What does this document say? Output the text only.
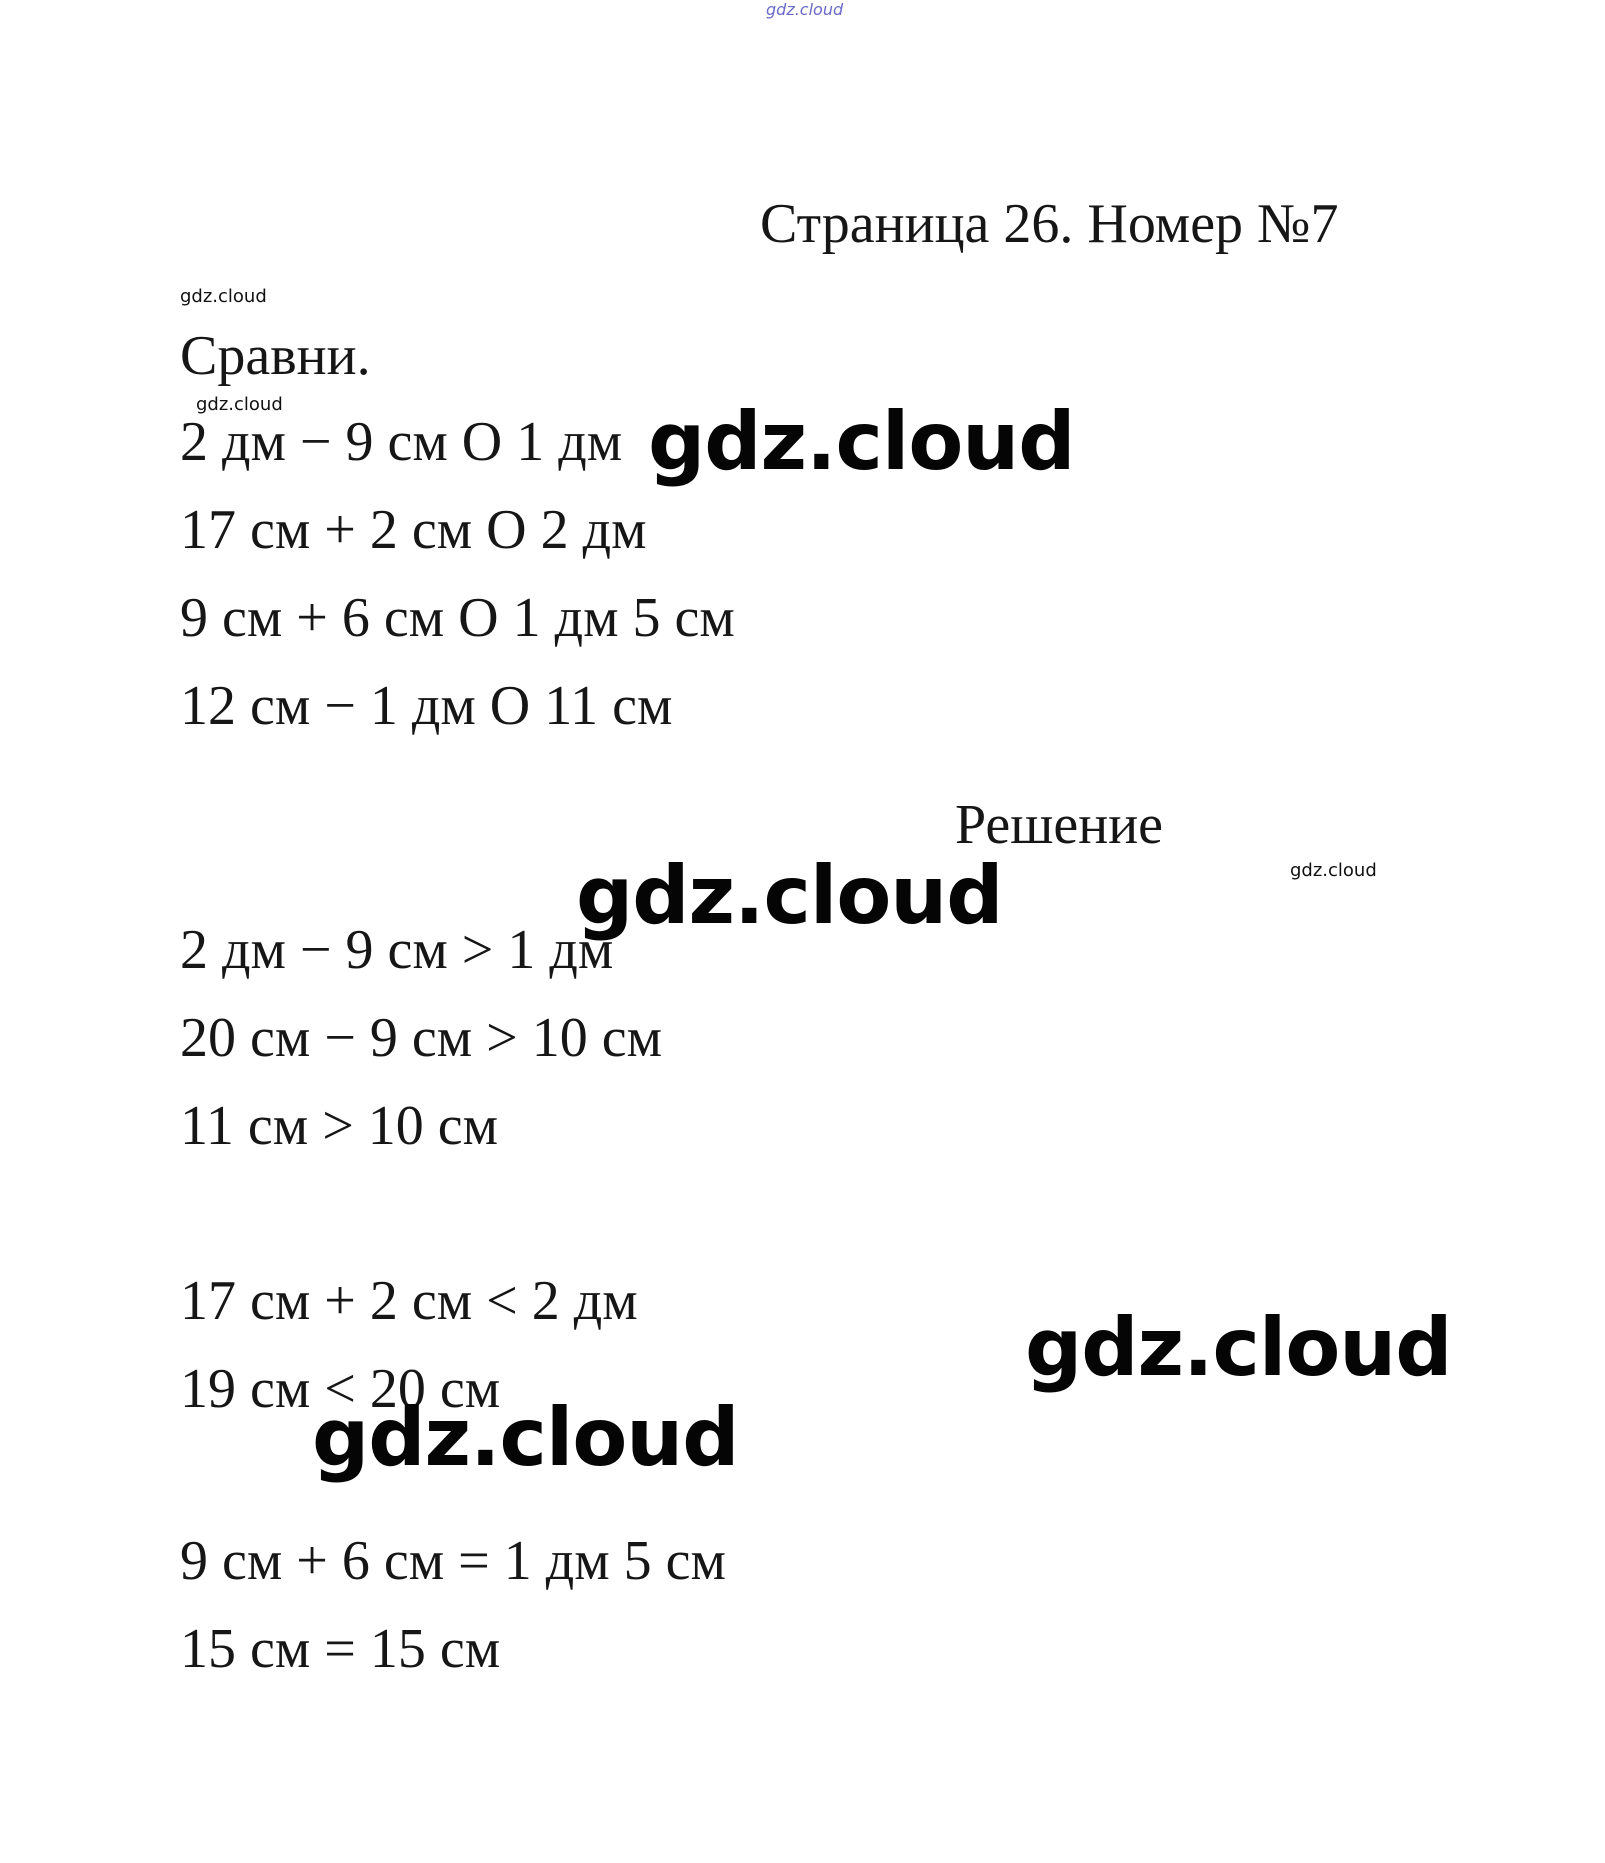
gdz.cloud
Страница 26. Номер №7
gdz.cloud
Сравни.
gdz.cloud
2 дм − 9 см O 1 дм
17 см + 2 см O 2 дм
9 см + 6 см O 1 дм 5 см
12 см − 1 дм O 11 см
gdz.cloud
Решение
gdz.cloud
2 дм − 9 см > 1 дм
20 см − 9 см > 10 см
11 см > 10 см
gdz.cloud
17 см + 2 см < 2 дм
19 см < 20 см	gdz.cloud
gdz.cloud
9 см + 6 см = 1 дм 5 см
15 см = 15 см
